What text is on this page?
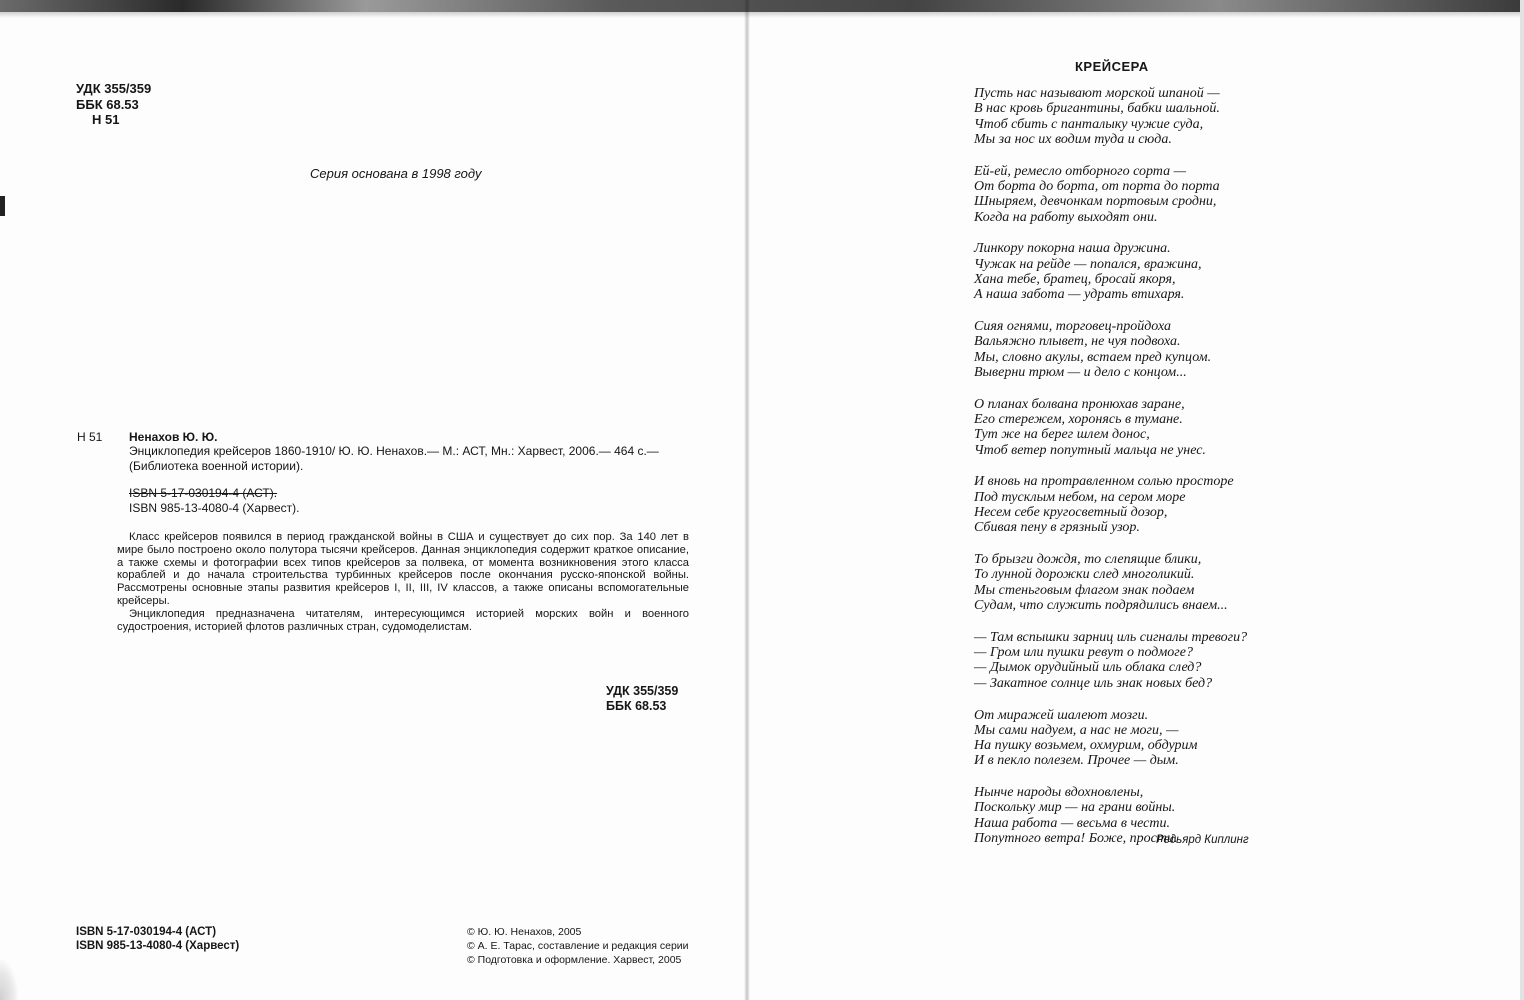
УДК 355/359
ББК 68.53
Н 51
Серия основана в 1998 году
Н 51 Ненахов Ю. Ю.
Энциклопедия крейсеров 1860-1910/ Ю. Ю. Ненахов.— М.: АСТ, Мн.: Харвест, 2006.— 464 с.—
(Библиотека военной истории).
ISBN 5-17-030194-4 (АСТ).
ISBN 985-13-4080-4 (Харвест).

Класс крейсеров появился в период гражданской войны в США и существует до сих пор. За 140 лет в мире было построено около полутора тысячи крейсеров. Данная энциклопедия содержит краткое описание, а также схемы и фотографии всех типов крейсеров за полвека, от момента возникновения этого класса кораблей и до начала строительства турбинных крейсеров после окончания русско-японской войны. Рассмотрены основные этапы развития крейсеров I, II, III, IV классов, а также описаны вспомогательные крейсеры.

Энциклопедия предназначена читателям, интересующимся историей морских войн и военного судостроения, историей флотов различных стран, судомоделистам.

УДК 355/359
ББК 68.53
ISBN 5-17-030194-4 (АСТ)
ISBN 985-13-4080-4 (Харвест)
© Ю. Ю. Ненахов, 2005
© А. Е. Тарас, составление и редакция серии
© Подготовка и оформление. Харвест, 2005
КРЕЙСЕРА
Пусть нас называют морской шпаной —
В нас кровь бригантины, бабки шальной.
Чтоб сбить с панталыку чужие суда,
Мы за нос их водим туда и сюда.
Ей-ей, ремесло отборного сорта —
От борта до борта, от порта до порта
Шныряем, девчонкам портовым сродни,
Когда на работу выходят они.
Линкору покорна наша дружина.
Чужак на рейде — попался, вражина,
Хана тебе, братец, бросай якоря,
А наша забота — удрать втихаря.
Сияя огнями, торговец-пройдоха
Вальяжно плывет, не чуя подвоха.
Мы, словно акулы, встаем пред купцом.
Выверни трюм — и дело с концом...
О планах болвана пронюхав заране,
Его стережем, хоронясь в тумане.
Тут же на берег шлем донос,
Чтоб ветер попутный мальца не унес.
И вновь на протравленном солью просторе
Под тусклым небом, на сером море
Несем себе кругосветный дозор,
Сбивая пену в грязный узор.
То брызги дождя, то слепящие блики,
То лунной дорожки след многоликий.
Мы стеньговым флагом знак подаем
Судам, что служить подрядились внаем...
— Там вспышки зарниц иль сигналы тревоги?
— Гром или пушки ревут о подмоге?
— Дымок орудийный иль облака след?
— Закатное солнце иль знак новых бед?
От миражей шалеют мозги.
Мы сами надуем, а нас не моги, —
На пушку возьмем, охмурим, обдурим
И в пекло полезем. Прочее — дым.
Нынче народы вдохновлены,
Поскольку мир — на грани войны.
Наша работа — весьма в чести.
Попутного ветра! Боже, прости.
Редьярд Киплинг
